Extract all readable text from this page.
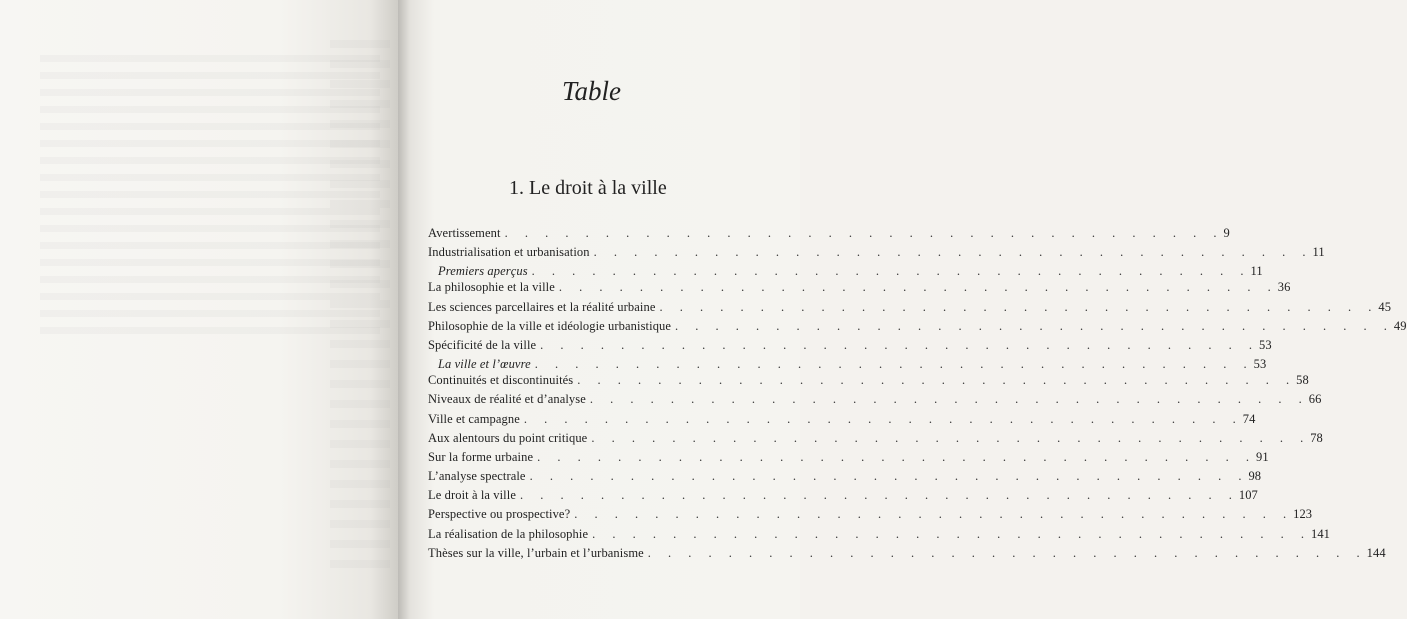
Table
1. Le droit à la ville
Avertissement . . . . . . . . . . . . . . . . . . . . . . . . . . . . . . . . . . . . 9
Industrialisation et urbanisation . . . . . . . . . . . . . . . . . . . . . . . . . . . . . . . . . . . . 11
Premiers aperçus . . . . . . . . . . . . . . . . . . . . . . . . . . . . . . . . . . . . 11
La philosophie et la ville . . . . . . . . . . . . . . . . . . . . . . . . . . . . . . . . . . . . 36
Les sciences parcellaires et la réalité urbaine . . . . . . . . . . . . . . . . . . . . . . . . . . . . . . . . . . . . 45
Philosophie de la ville et idéologie urbanistique . . . . . . . . . . . . . . . . . . . . . . . . . . . . . . . . . . . . 49
Spécificité de la ville . . . . . . . . . . . . . . . . . . . . . . . . . . . . . . . . . . . . 53
La ville et l’œuvre . . . . . . . . . . . . . . . . . . . . . . . . . . . . . . . . . . . . 53
Continuités et discontinuités . . . . . . . . . . . . . . . . . . . . . . . . . . . . . . . . . . . . 58
Niveaux de réalité et d’analyse . . . . . . . . . . . . . . . . . . . . . . . . . . . . . . . . . . . . 66
Ville et campagne . . . . . . . . . . . . . . . . . . . . . . . . . . . . . . . . . . . . 74
Aux alentours du point critique . . . . . . . . . . . . . . . . . . . . . . . . . . . . . . . . . . . . 78
Sur la forme urbaine . . . . . . . . . . . . . . . . . . . . . . . . . . . . . . . . . . . . 91
L’analyse spectrale . . . . . . . . . . . . . . . . . . . . . . . . . . . . . . . . . . . . 98
Le droit à la ville . . . . . . . . . . . . . . . . . . . . . . . . . . . . . . . . . . . . 107
Perspective ou prospective? . . . . . . . . . . . . . . . . . . . . . . . . . . . . . . . . . . . . 123
La réalisation de la philosophie . . . . . . . . . . . . . . . . . . . . . . . . . . . . . . . . . . . . 141
Thèses sur la ville, l’urbain et l’urbanisme . . . . . . . . . . . . . . . . . . . . . . . . . . . . . . . . . . . . 144
